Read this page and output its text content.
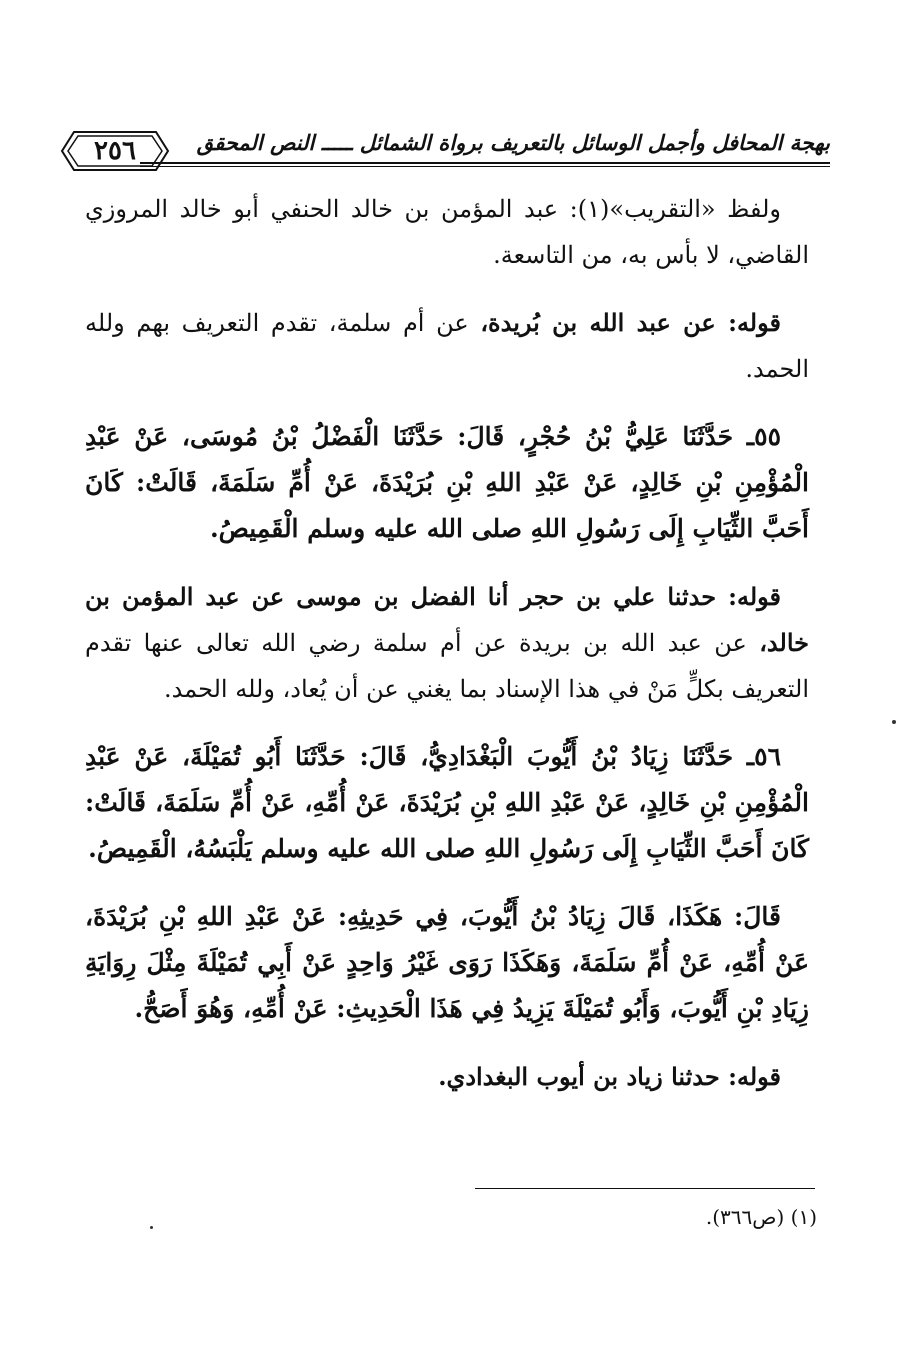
٢٥٦	بهجة المحافل وأجمل الوسائل بالتعريف برواة الشمائل ـــــ النص المحقق

ولفظ «التقريب»(١): عبد المؤمن بن خالد الحنفي أبو خالد المروزي القاضي، لا بأس به، من التاسعة.

قوله: عن عبد الله بن بُريدة، عن أم سلمة، تقدم التعريف بهم ولله الحمد.

٥٥ـ حَدَّثَنَا عَلِيُّ بْنُ حُجْرٍ، قَالَ: حَدَّثَنَا الْفَضْلُ بْنُ مُوسَى، عَنْ عَبْدِ الْمُؤْمِنِ بْنِ خَالِدٍ، عَنْ عَبْدِ اللهِ بْنِ بُرَيْدَةَ، عَنْ أُمِّ سَلَمَةَ، قَالَتْ: كَانَ أَحَبَّ الثِّيَابِ إِلَى رَسُولِ اللهِ صلى الله عليه وسلم الْقَمِيصُ.

قوله: حدثنا علي بن حجر أنا الفضل بن موسى عن عبد المؤمن بن خالد، عن عبد الله بن بريدة عن أم سلمة رضي الله تعالى عنها تقدم التعريف بكلٍّ مَنْ في هذا الإسناد بما يغني عن أن يُعاد، ولله الحمد.

٥٦ـ حَدَّثَنَا زِيَادُ بْنُ أَيُّوبَ الْبَغْدَادِيُّ، قَالَ: حَدَّثَنَا أَبُو تُمَيْلَةَ، عَنْ عَبْدِ الْمُؤْمِنِ بْنِ خَالِدٍ، عَنْ عَبْدِ اللهِ بْنِ بُرَيْدَةَ، عَنْ أُمِّهِ، عَنْ أُمِّ سَلَمَةَ، قَالَتْ: كَانَ أَحَبَّ الثِّيَابِ إِلَى رَسُولِ اللهِ صلى الله عليه وسلم يَلْبَسُهُ، الْقَمِيصُ.

قَالَ: هَكَذَا، قَالَ زِيَادُ بْنُ أَيُّوبَ، فِي حَدِيثِهِ: عَنْ عَبْدِ اللهِ بْنِ بُرَيْدَةَ، عَنْ أُمِّهِ، عَنْ أُمِّ سَلَمَةَ، وَهَكَذَا رَوَى غَيْرُ وَاحِدٍ عَنْ أَبِي تُمَيْلَةَ مِثْلَ رِوَايَةِ زِيَادِ بْنِ أَيُّوبَ، وَأَبُو تُمَيْلَةَ يَزِيدُ فِي هَذَا الْحَدِيثِ: عَنْ أُمِّهِ، وَهُوَ أَصَحُّ.

قوله: حدثنا زياد بن أيوب البغدادي.

(١) (ص٣٦٦).
